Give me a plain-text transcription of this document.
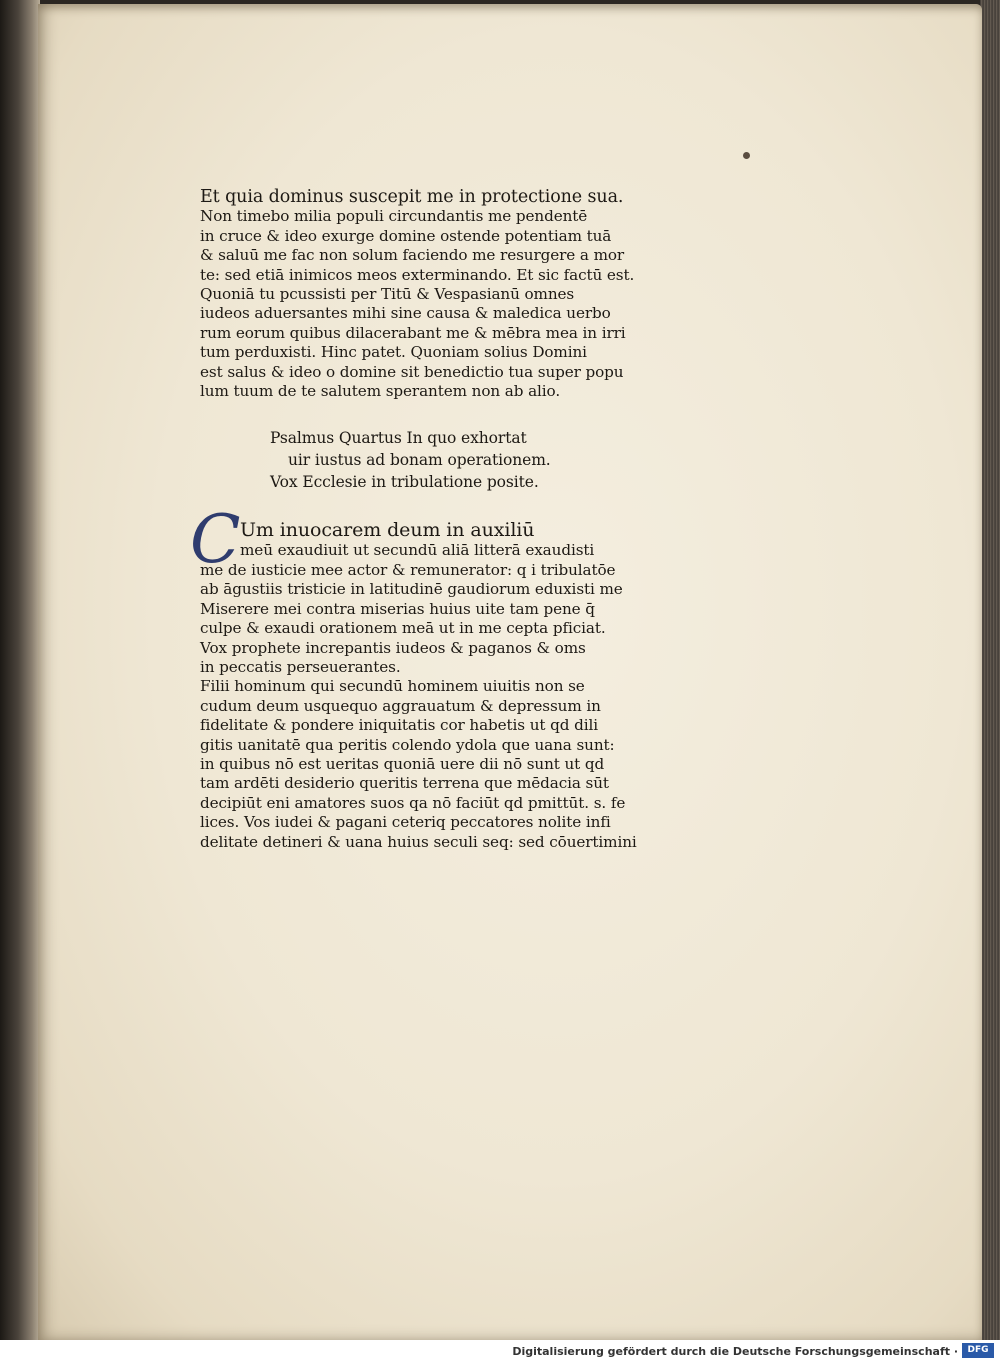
Et quia dominus suscepit me in protectione sua.
Non timebo milia populi circundantis me pendentē
in cruce & ideo exurge domine ostende potentiam tuā
& saluū me fac non solum faciendo me resurgere a mor
te: sed etiā inimicos meos exterminando. Et sic factū est.
Quoniā tu pcussisti per Titū & Vespasianū omnes
iudeos aduersantes mihi sine causa & maledica uerbo
rum eorum quibus dilacerabant me & mēbra mea in irri
tum perduxisti. Hinc patet. Quoniam solius Domini
est salus & ideo o domine sit benedictio tua super popu
lum tuum de te salutem sperantem non ab alio.
Psalmus Quartus In quo exhortat
uir iustus ad bonam operationem.
Vox Ecclesie in tribulatione posite.
C Um inuocarem deum in auxiliū
meū exaudiuit ut secundū aliā litterā exaudisti
me de iusticie mee actor & remunerator: q i tribulatōe
ab āgustiis tristicie in latitudinē gaudiorum eduxisti me
Miserere mei contra miserias huius uite tam pene q̄
culpe & exaudi orationem meā ut in me cepta pficiat.
Vox prophete increpantis iudeos & paganos & oms
in peccatis perseuerantes.
Filii hominum qui secundū hominem uiuitis non se
cudum deum usquequo aggrauatum & depressum in
fidelitate & pondere iniquitatis cor habetis ut qd dili
gitis uanitatē qua peritis colendo ydola que uana sunt:
in quibus nō est ueritas quoniā uere dii nō sunt ut qd
tam ardēti desiderio queritis terrena que mēdacia sūt
decipiūt eni amatores suos qa nō faciūt qd pmittūt. s. fe
lices. Vos iudei & pagani ceteriq peccatores nolite infi
delitate detineri & uana huius seculi seq: sed cōuertimini
Digitalisierung gefördert durch die Deutsche Forschungsgemeinschaft ·	DFG
